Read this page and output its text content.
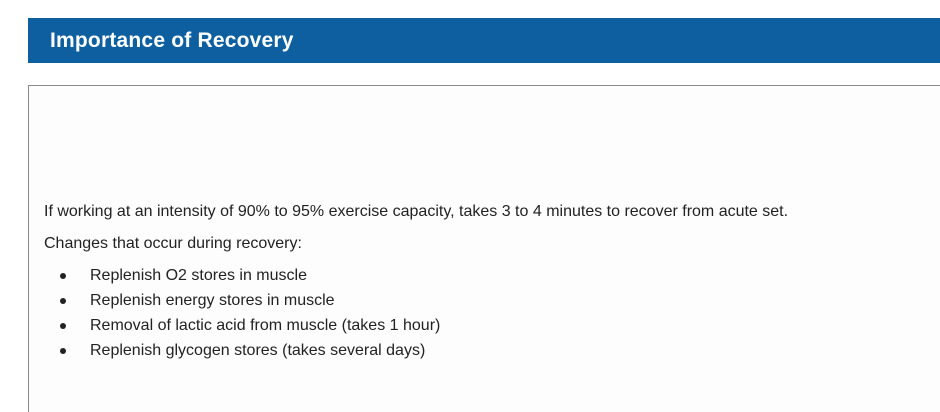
Importance of Recovery

If working at an intensity of 90% to 95% exercise capacity, takes 3 to 4 minutes to recover from acute set.

Changes that occur during recovery:

Replenish O2 stores in muscle
Replenish energy stores in muscle
Removal of lactic acid from muscle (takes 1 hour)
Replenish glycogen stores (takes several days)
